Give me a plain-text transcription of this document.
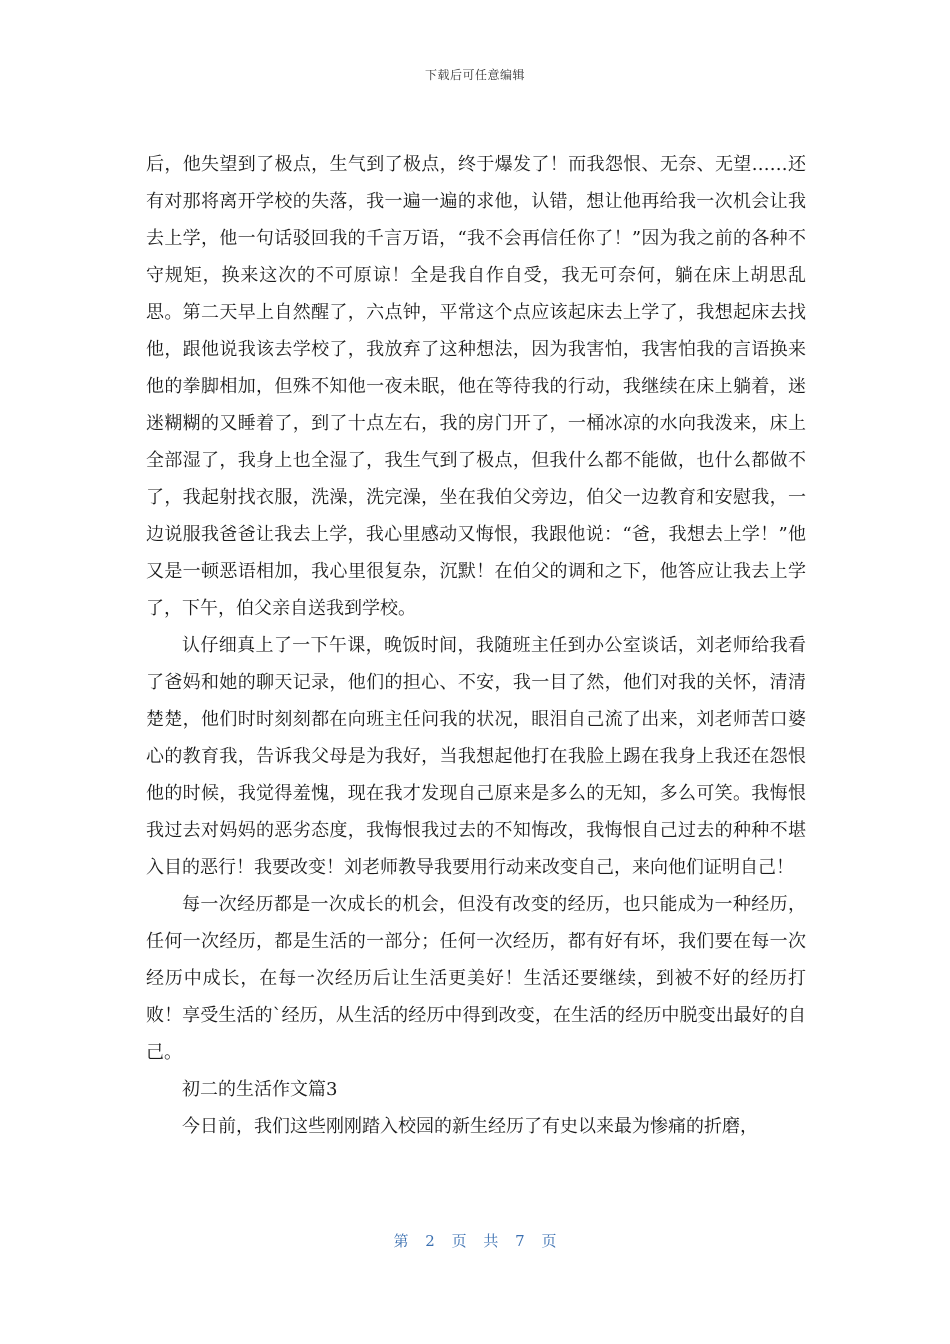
下载后可任意编辑

后，他失望到了极点，生气到了极点，终于爆发了！而我怨恨、无奈、无望……还有对那将离开学校的失落，我一遍一遍的求他，认错，想让他再给我一次机会让我去上学，他一句话驳回我的千言万语，“我不会再信任你了！”因为我之前的各种不守规矩，换来这次的不可原谅！全是我自作自受，我无可奈何，躺在床上胡思乱思。第二天早上自然醒了，六点钟，平常这个点应该起床去上学了，我想起床去找他，跟他说我该去学校了，我放弃了这种想法，因为我害怕，我害怕我的言语换来他的拳脚相加，但殊不知他一夜未眠，他在等待我的行动，我继续在床上躺着，迷迷糊糊的又睡着了，到了十点左右，我的房门开了，一桶冰凉的水向我泼来，床上全部湿了，我身上也全湿了，我生气到了极点，但我什么都不能做，也什么都做不了，我起射找衣服，洗澡，洗完澡，坐在我伯父旁边，伯父一边教育和安慰我，一边说服我爸爸让我去上学，我心里感动又悔恨，我跟他说：“爸，我想去上学！”他又是一顿恶语相加，我心里很复杂，沉默！在伯父的调和之下，他答应让我去上学了，下午，伯父亲自送我到学校。

认仔细真上了一下午课，晚饭时间，我随班主任到办公室谈话，刘老师给我看了爸妈和她的聊天记录，他们的担心、不安，我一目了然，他们对我的关怀，清清楚楚，他们时时刻刻都在向班主任问我的状况，眼泪自己流了出来，刘老师苦口婆心的教育我，告诉我父母是为我好，当我想起他打在我脸上踢在我身上我还在怨恨他的时候，我觉得羞愧，现在我才发现自己原来是多么的无知，多么可笑。我悔恨我过去对妈妈的恶劣态度，我悔恨我过去的不知悔改，我悔恨自己过去的种种不堪入目的恶行！我要改变！刘老师教导我要用行动来改变自己，来向他们证明自己！

每一次经历都是一次成长的机会，但没有改变的经历，也只能成为一种经历，任何一次经历，都是生活的一部分；任何一次经历，都有好有坏，我们要在每一次经历中成长，在每一次经历后让生活更美好！生活还要继续，到被不好的经历打败！享受生活的`经历，从生活的经历中得到改变，在生活的经历中脱变出最好的自己。

初二的生活作文篇3

今日前，我们这些刚刚踏入校园的新生经历了有史以来最为惨痛的折磨，

第 2 页 共 7 页
